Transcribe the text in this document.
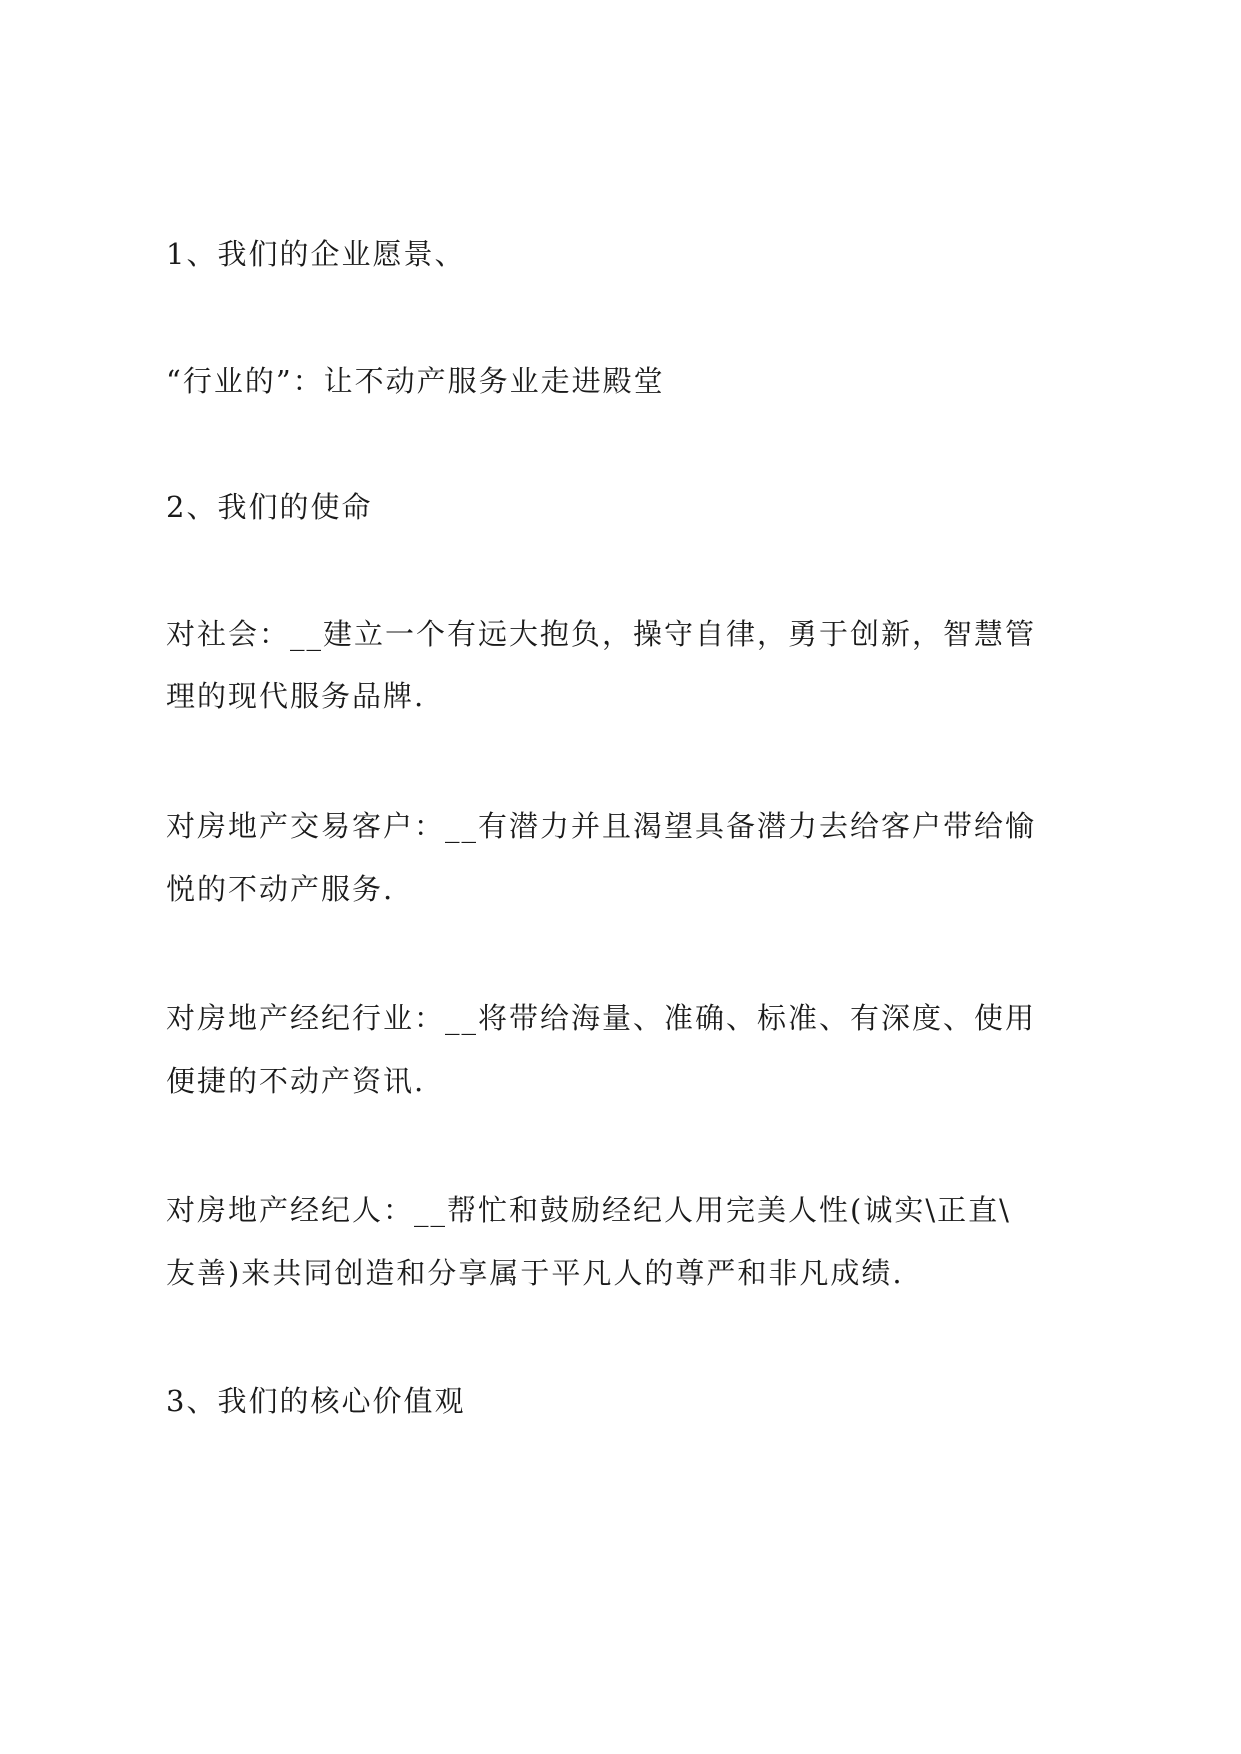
1、我们的企业愿景、
“行业的”：让不动产服务业走进殿堂
2、我们的使命
对社会：__建立一个有远大抱负，操守自律，勇于创新，智慧管
理的现代服务品牌.
对房地产交易客户：__有潜力并且渴望具备潜力去给客户带给愉
悦的不动产服务.
对房地产经纪行业：__将带给海量、准确、标准、有深度、使用
便捷的不动产资讯.
对房地产经纪人：__帮忙和鼓励经纪人用完美人性(诚实\正直\
友善)来共同创造和分享属于平凡人的尊严和非凡成绩.
3、我们的核心价值观
